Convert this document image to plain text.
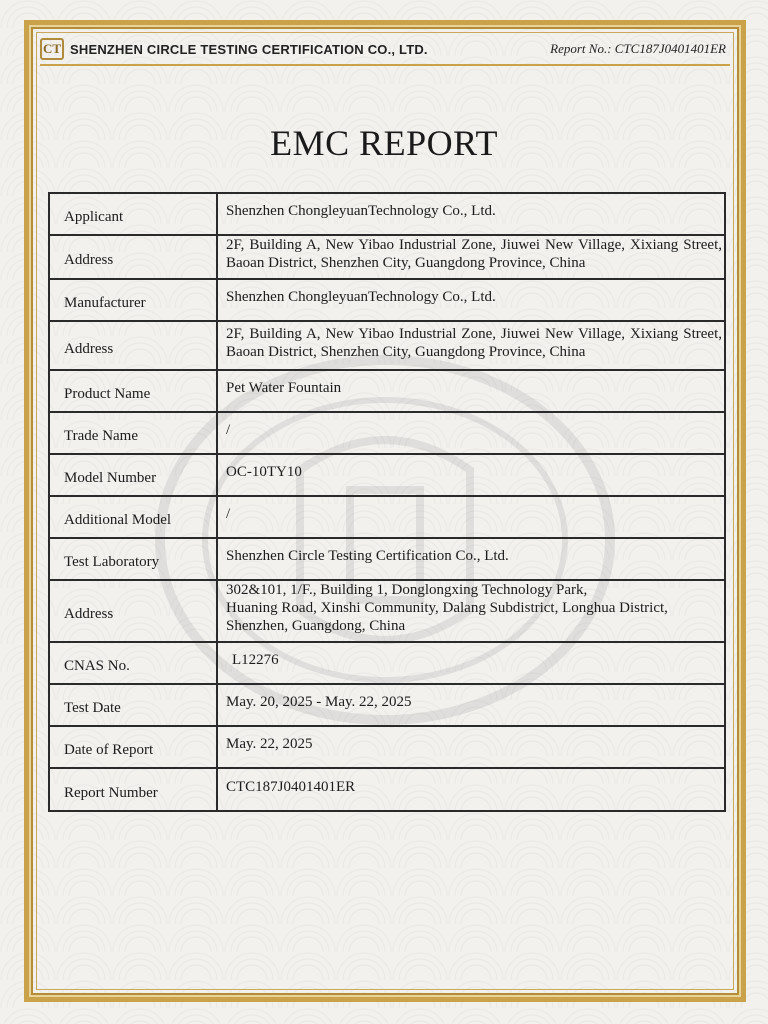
CT SHENZHEN CIRCLE TESTING CERTIFICATION CO., LTD.	Report No.: CTC187J0401401ER
EMC REPORT
Applicant	Shenzhen ChongleyuanTechnology Co., Ltd.
Address	2F, Building A, New Yibao Industrial Zone, Jiuwei New Village, Xixiang Street, Baoan District, Shenzhen City, Guangdong Province, China
Manufacturer	Shenzhen ChongleyuanTechnology Co., Ltd.
Address	2F, Building A, New Yibao Industrial Zone, Jiuwei New Village, Xixiang Street, Baoan District, Shenzhen City, Guangdong Province, China
Product Name	Pet Water Fountain
Trade Name	/
Model Number	OC-10TY10
Additional Model	/
Test Laboratory	Shenzhen Circle Testing Certification Co., Ltd.
Address	302&101, 1/F., Building 1, Donglongxing Technology Park,
Huaning Road, Xinshi Community, Dalang Subdistrict, Longhua District,
Shenzhen, Guangdong, China

CNAS No.	L12276
Test Date	May. 20, 2025 - May. 22, 2025
Date of Report	May. 22, 2025
Report Number	CTC187J0401401ER
